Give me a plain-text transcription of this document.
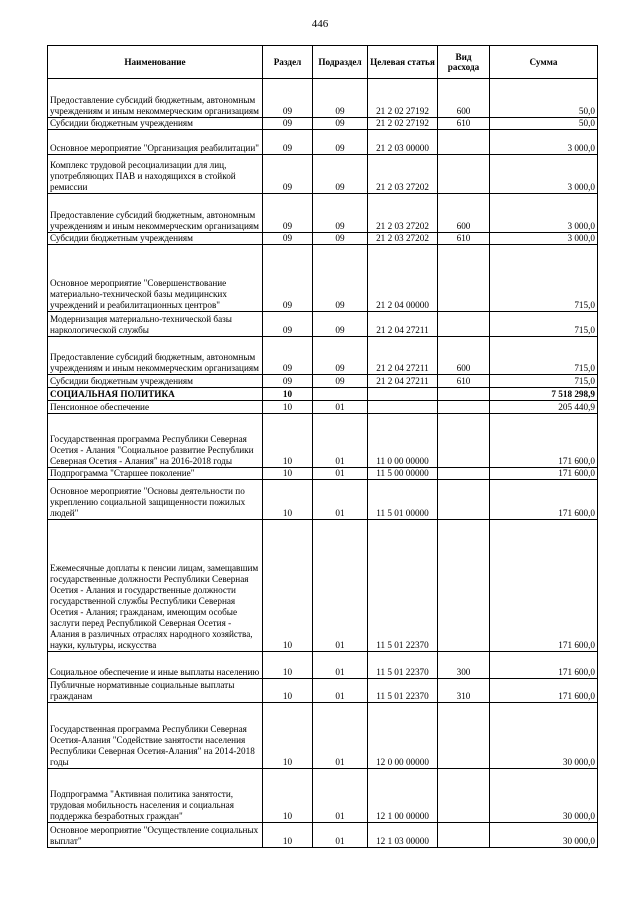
446
Наименование	Раздел	Подраздел	Целевая статья	Вид расхода	Сумма
Предоставление субсидий бюджетным, автономным учреждениям и иным некоммерческим организациям	09	09	21 2 02 27192	600	50,0
Субсидии бюджетным учреждениям	09	09	21 2 02 27192	610	50,0
Основное мероприятие "Организация реабилитации"	09	09	21 2 03 00000		3 000,0
Комплекс трудовой ресоциализации для лиц, употребляющих ПАВ и находящихся в стойкой ремиссии	09	09	21 2 03 27202		3 000,0
Предоставление субсидий бюджетным, автономным учреждениям и иным некоммерческим организациям	09	09	21 2 03 27202	600	3 000,0
Субсидии бюджетным учреждениям	09	09	21 2 03 27202	610	3 000,0
Основное мероприятие "Совершенствование материально-технической базы медицинских учреждений и реабилитационных центров"	09	09	21 2 04 00000		715,0
Модернизация материально-технической базы наркологической службы	09	09	21 2 04 27211		715,0
Предоставление субсидий бюджетным, автономным учреждениям и иным некоммерческим организациям	09	09	21 2 04 27211	600	715,0
Субсидии бюджетным учреждениям	09	09	21 2 04 27211	610	715,0
СОЦИАЛЬНАЯ ПОЛИТИКА	10				7 518 298,9
Пенсионное обеспечение	10	01			205 440,9
Государственная программа Республики Северная Осетия - Алания "Социальное развитие Республики Северная Осетия - Алания" на 2016-2018 годы	10	01	11 0 00 00000		171 600,0
Подпрограмма "Старшее поколение"	10	01	11 5 00 00000		171 600,0
Основное мероприятие "Основы деятельности по укреплению социальной защищенности пожилых людей"	10	01	11 5 01 00000		171 600,0
Ежемесячные доплаты к пенсии лицам, замещавшим государственные должности Республики Северная Осетия - Алания и государственные должности государственной службы Республики Северная Осетия - Алания; гражданам, имеющим особые заслуги перед Республикой Северная Осетия - Алания в различных отраслях народного хозяйства, науки, культуры, искусства	10	01	11 5 01 22370		171 600,0
Социальное обеспечение и иные выплаты населению	10	01	11 5 01 22370	300	171 600,0
Публичные нормативные социальные выплаты гражданам	10	01	11 5 01 22370	310	171 600,0
Государственная программа Республики Северная Осетия-Алания "Содействие занятости населения Республики Северная Осетия-Алания" на 2014-2018 годы	10	01	12 0 00 00000		30 000,0
Подпрограмма "Активная политика занятости, трудовая мобильность населения и социальная поддержка безработных граждан"	10	01	12 1 00 00000		30 000,0
Основное мероприятие "Осуществление социальных выплат"	10	01	12 1 03 00000		30 000,0
